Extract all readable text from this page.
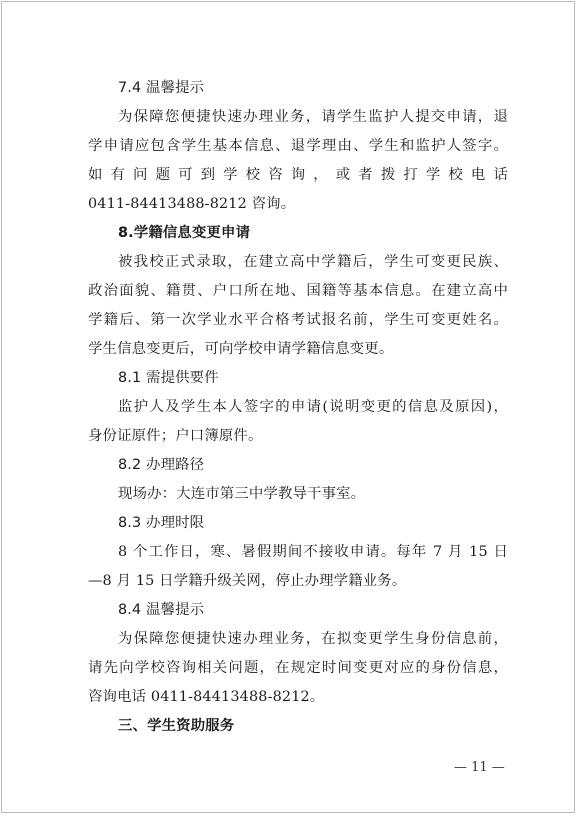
7.4 温馨提示
为保障您便捷快速办理业务，请学生监护人提交申请，退
学申请应包含学生基本信息、退学理由、学生和监护人签字。
如有问题可到学校咨询，或者拨打学校电话
0411-84413488-8212 咨询。
8.学籍信息变更申请
被我校正式录取，在建立高中学籍后，学生可变更民族、
政治面貌、籍贯、户口所在地、国籍等基本信息。在建立高中
学籍后、第一次学业水平合格考试报名前，学生可变更姓名。
学生信息变更后，可向学校申请学籍信息变更。
8.1 需提供要件
监护人及学生本人签字的申请(说明变更的信息及原因)，
身份证原件；户口簿原件。
8.2 办理路径
现场办：大连市第三中学教导干事室。
8.3 办理时限
8 个工作日，寒、暑假期间不接收申请。每年 7 月 15 日
—8 月 15 日学籍升级关网，停止办理学籍业务。
8.4 温馨提示
为保障您便捷快速办理业务，在拟变更学生身份信息前，
请先向学校咨询相关问题，在规定时间变更对应的身份信息，
咨询电话 0411-84413488-8212。
三、学生资助服务
— 11 —
